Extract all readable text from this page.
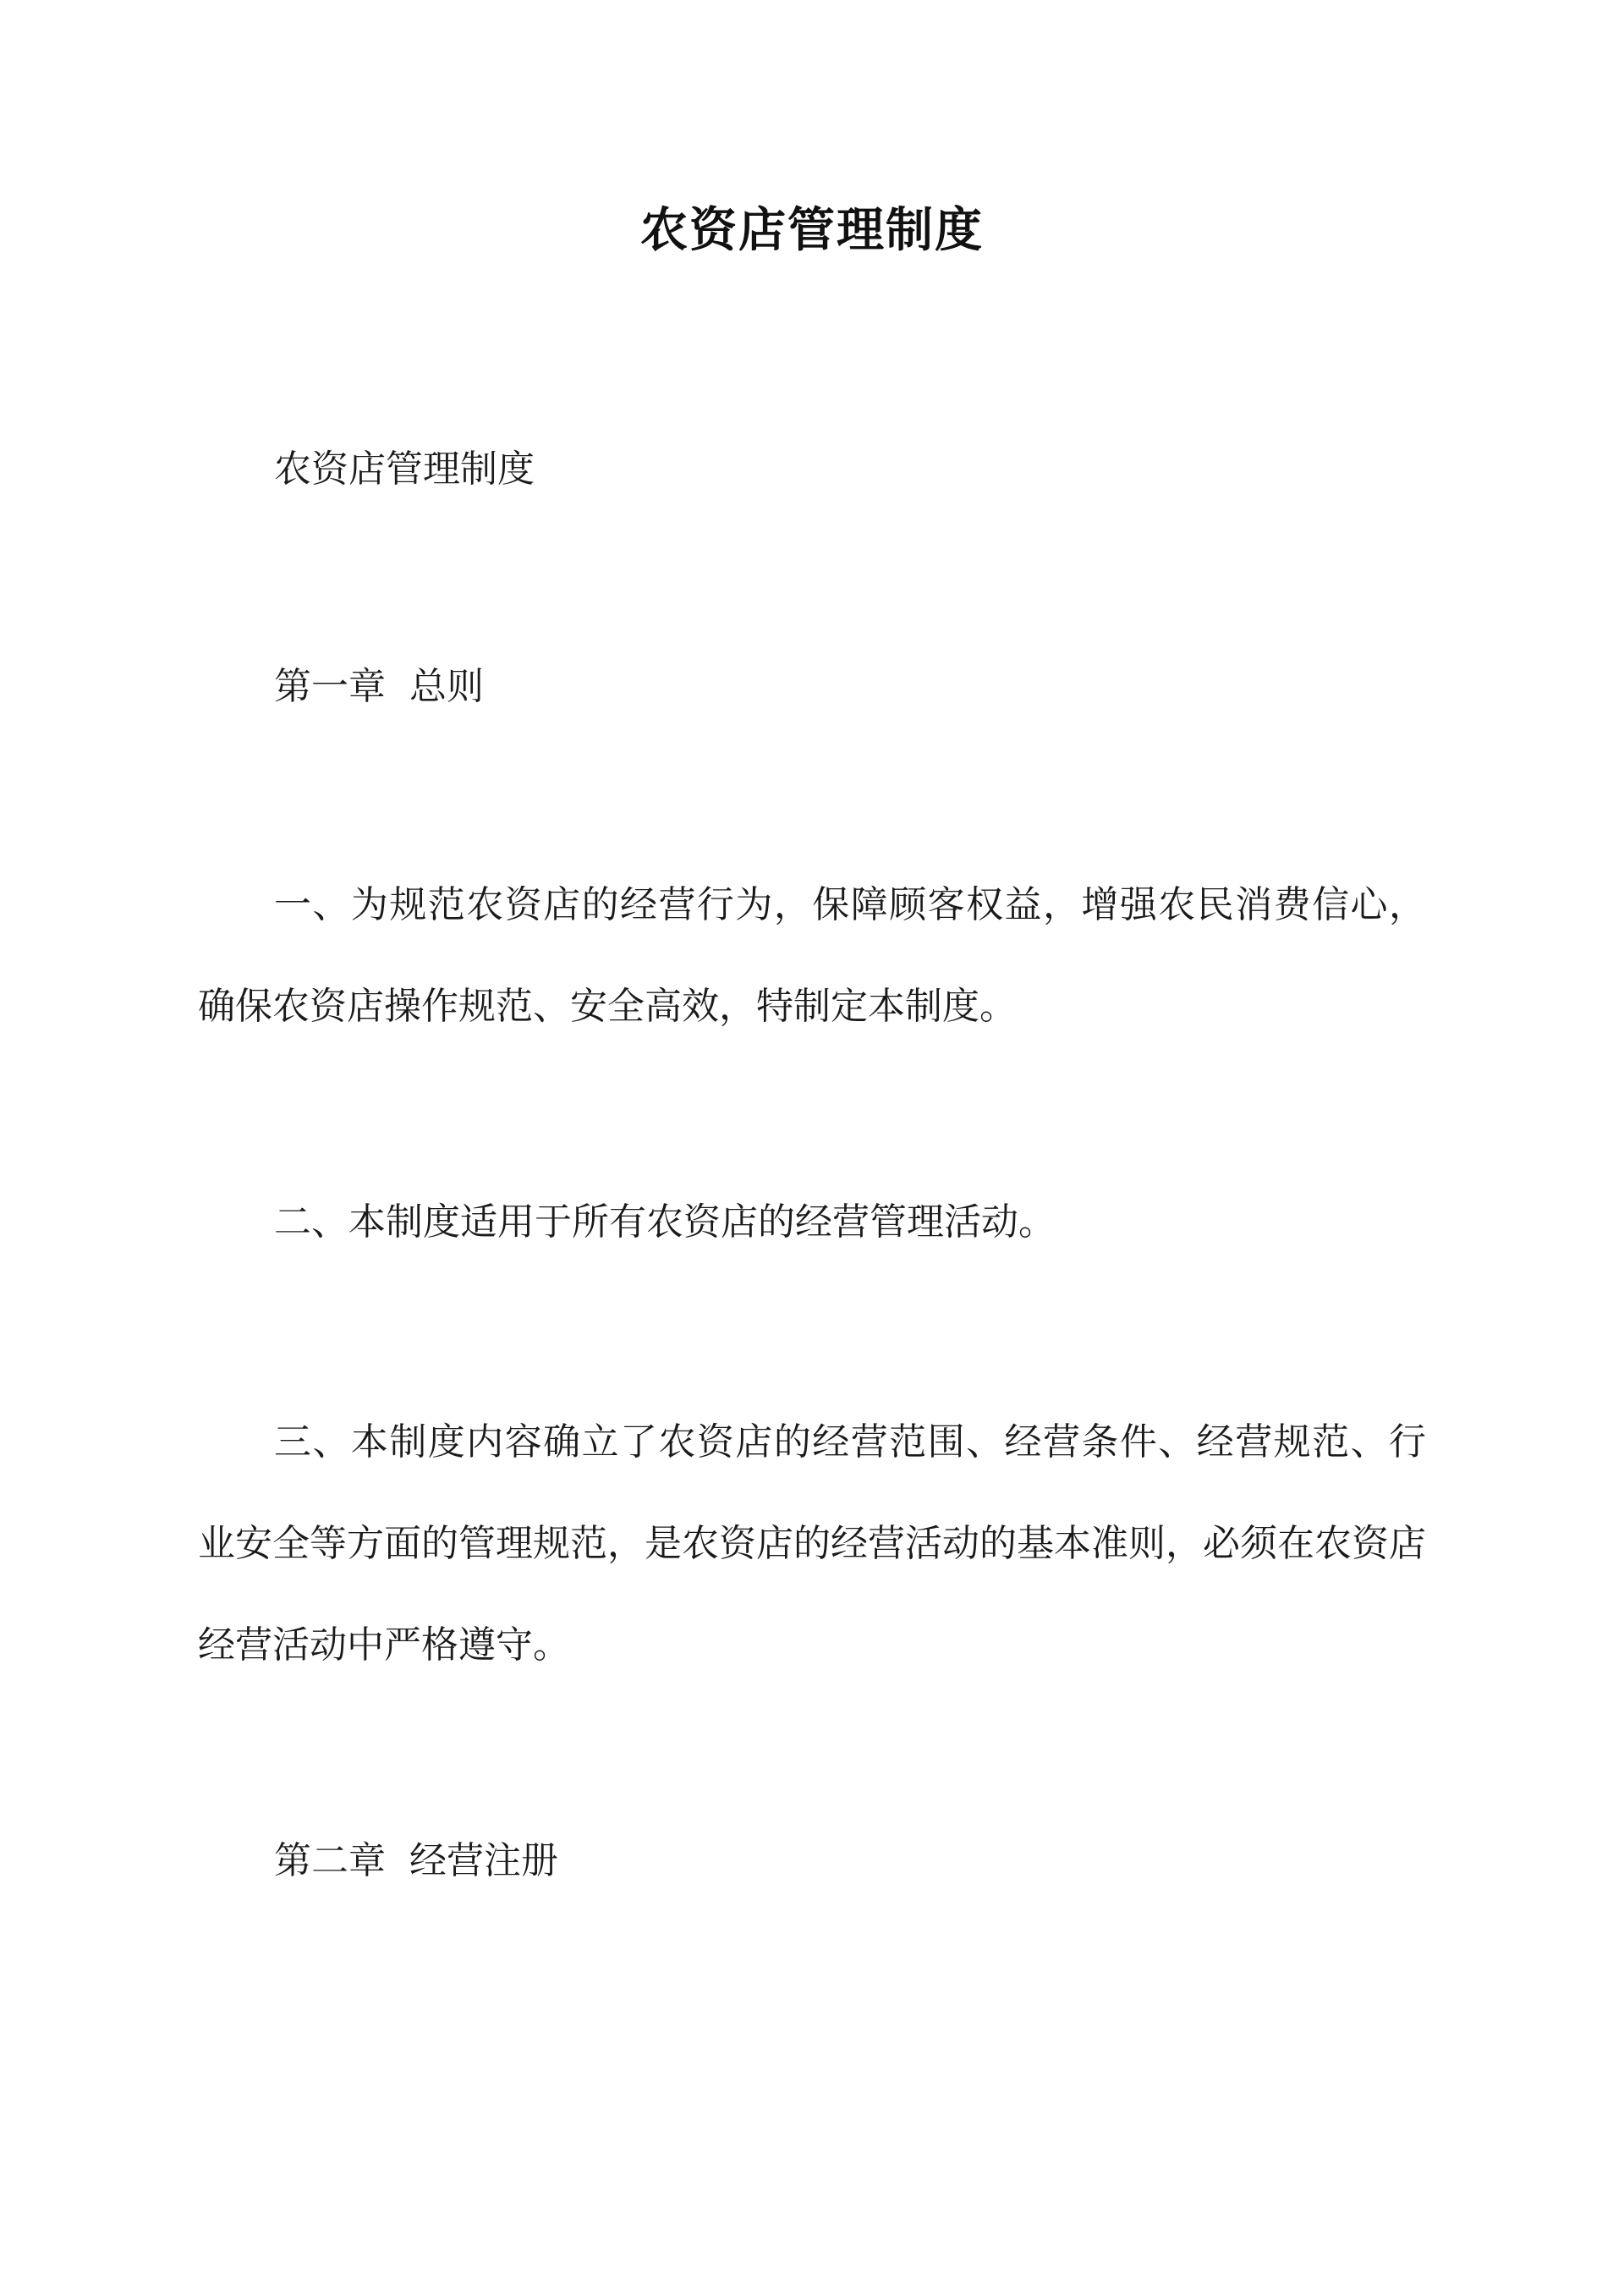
农资店管理制度

农资店管理制度

第一章  总则

一、为规范农资店的经营行为，保障顾客权益，增强农民消费信心，确保农资店操作规范、安全高效，特制定本制度。

二、本制度适用于所有农资店的经营管理活动。

三、本制度内容确立了农资店的经营范围、经营条件、经营规范、行业安全等方面的管理规范，是农资店的经营活动的基本准则，必须在农资店经营活动中严格遵守。

第二章  经营注册
